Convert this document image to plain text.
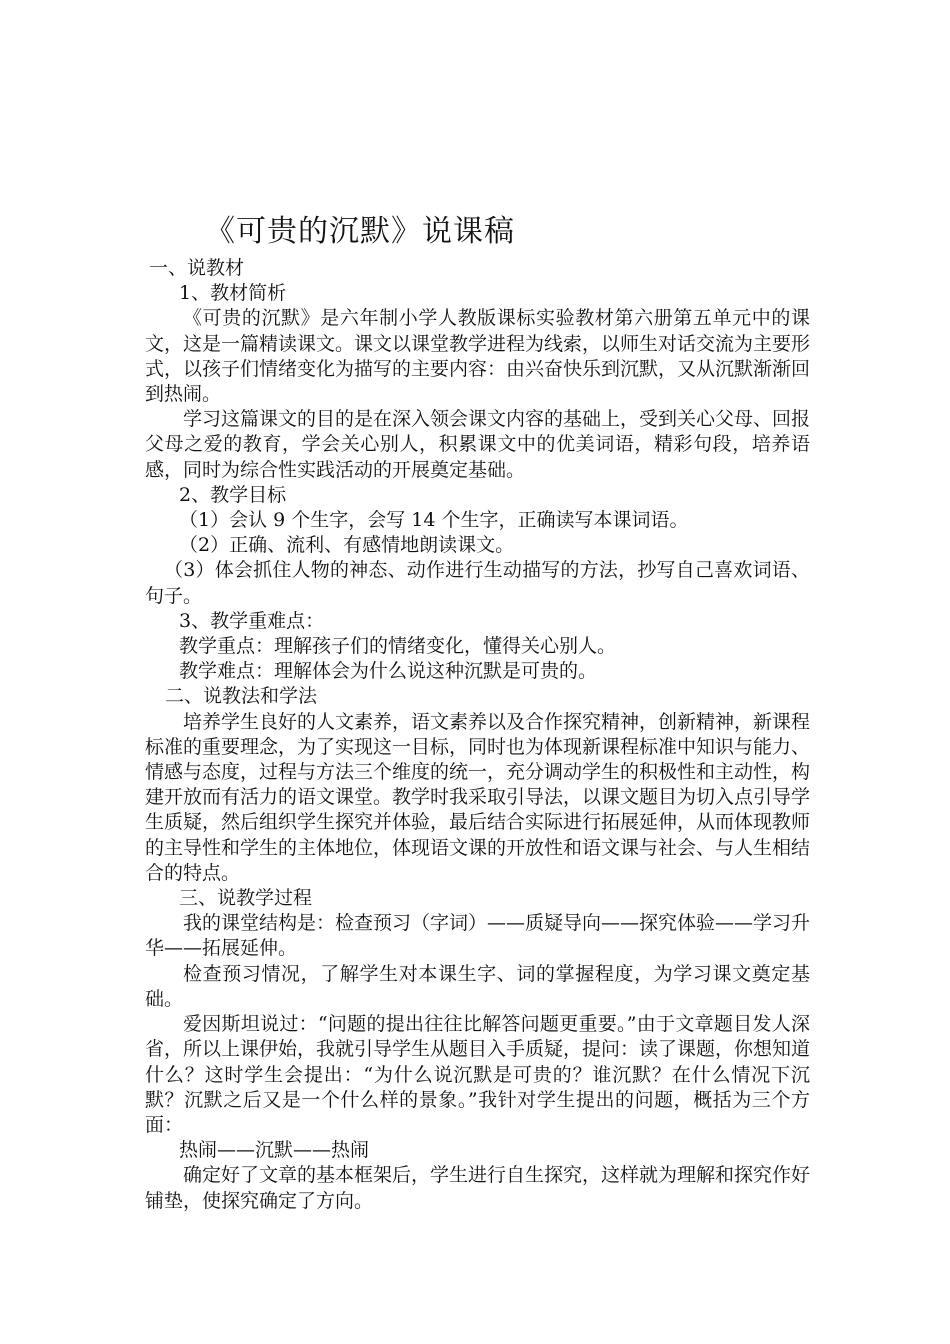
《可贵的沉默》说课稿

一、说教材

1、教材简析

《可贵的沉默》是六年制小学人教版课标实验教材第六册第五单元中的课文，这是一篇精读课文。课文以课堂教学进程为线索，以师生对话交流为主要形式，以孩子们情绪变化为描写的主要内容：由兴奋快乐到沉默，又从沉默渐渐回到热闹。

学习这篇课文的目的是在深入领会课文内容的基础上，受到关心父母、回报父母之爱的教育，学会关心别人，积累课文中的优美词语，精彩句段，培养语感，同时为综合性实践活动的开展奠定基础。

2、教学目标

（1）会认 9 个生字，会写 14 个生字，正确读写本课词语。

（2）正确、流利、有感情地朗读课文。

（3）体会抓住人物的神态、动作进行生动描写的方法，抄写自己喜欢词语、句子。

3、教学重难点：

教学重点：理解孩子们的情绪变化，懂得关心别人。

教学难点：理解体会为什么说这种沉默是可贵的。

二、说教法和学法

培养学生良好的人文素养，语文素养以及合作探究精神，创新精神，新课程标准的重要理念，为了实现这一目标，同时也为体现新课程标准中知识与能力、情感与态度，过程与方法三个维度的统一，充分调动学生的积极性和主动性，构建开放而有活力的语文课堂。教学时我采取引导法，以课文题目为切入点引导学生质疑，然后组织学生探究并体验，最后结合实际进行拓展延伸，从而体现教师的主导性和学生的主体地位，体现语文课的开放性和语文课与社会、与人生相结合的特点。

三、说教学过程

我的课堂结构是：检查预习（字词）——质疑导向——探究体验——学习升华——拓展延伸。

检查预习情况，了解学生对本课生字、词的掌握程度，为学习课文奠定基础。

爱因斯坦说过：“问题的提出往往比解答问题更重要。”由于文章题目发人深省，所以上课伊始，我就引导学生从题目入手质疑，提问：读了课题，你想知道什么？这时学生会提出：“为什么说沉默是可贵的？谁沉默？在什么情况下沉默？沉默之后又是一个什么样的景象。”我针对学生提出的问题，概括为三个方面：

热闹——沉默——热闹

确定好了文章的基本框架后，学生进行自生探究，这样就为理解和探究作好铺垫，使探究确定了方向。
